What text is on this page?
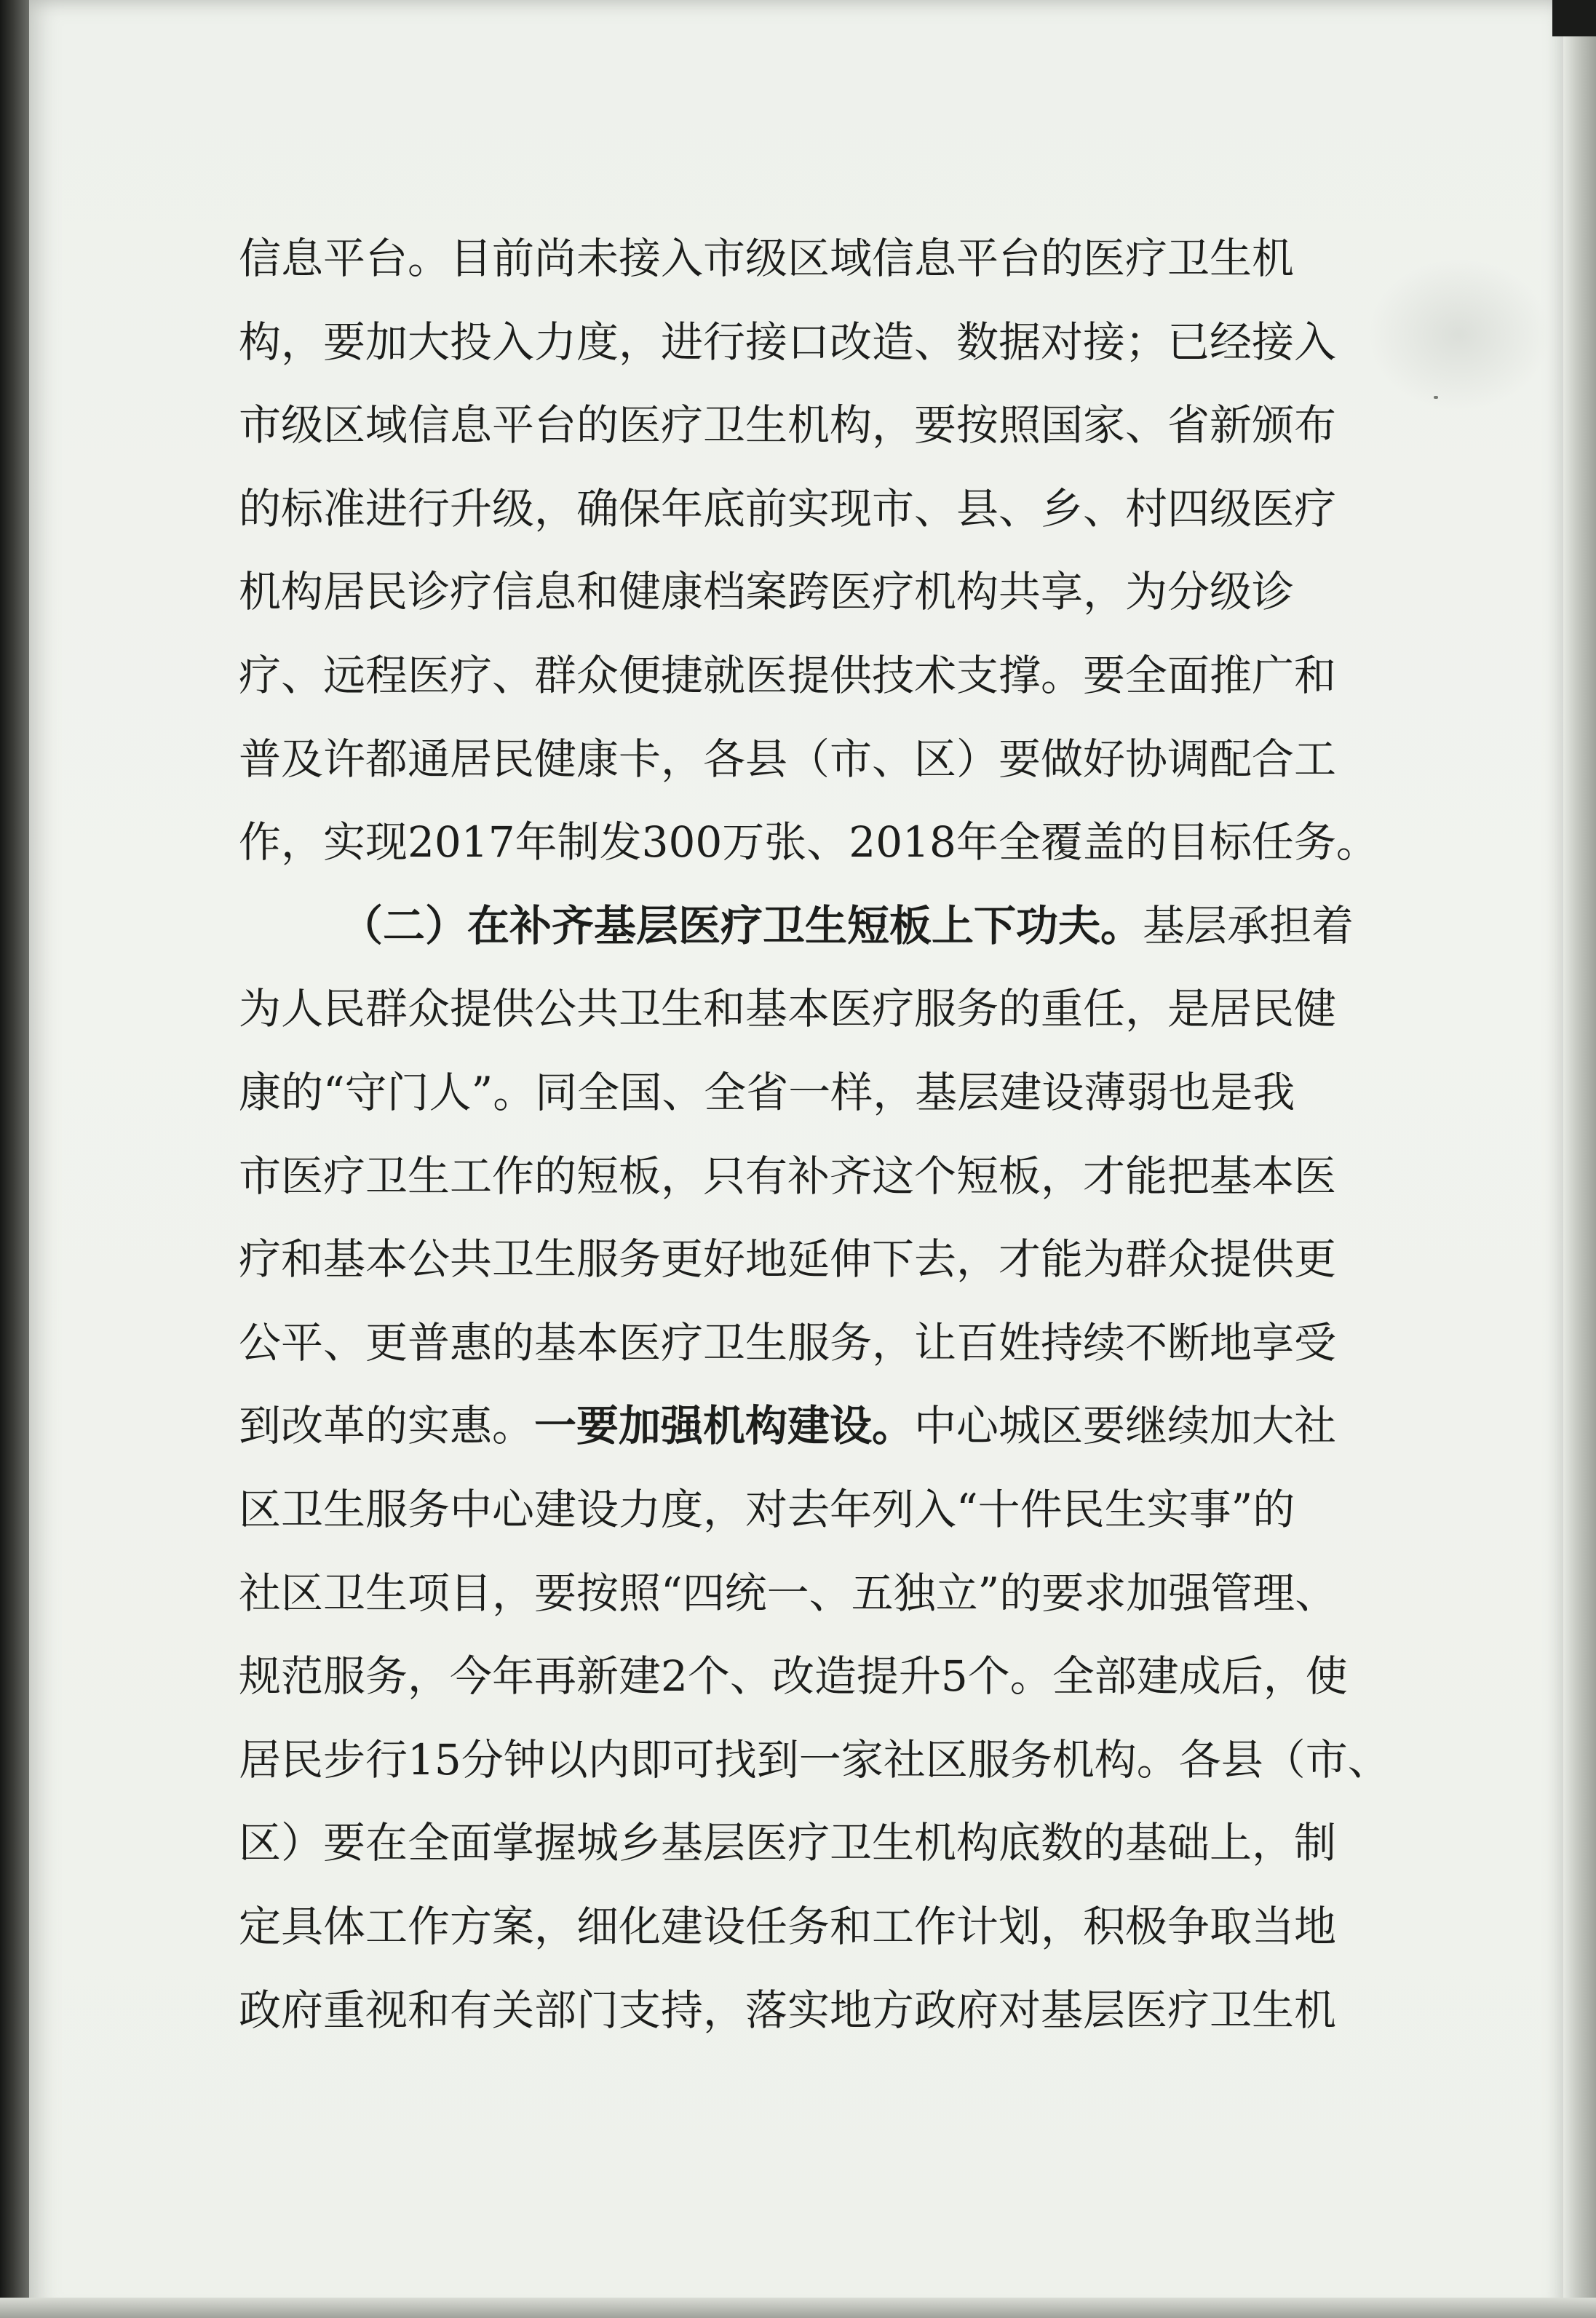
信息平台。目前尚未接入市级区域信息平台的医疗卫生机
构，要加大投入力度，进行接口改造、数据对接；已经接入
市级区域信息平台的医疗卫生机构，要按照国家、省新颁布
的标准进行升级，确保年底前实现市、县、乡、村四级医疗
机构居民诊疗信息和健康档案跨医疗机构共享，为分级诊
疗、远程医疗、群众便捷就医提供技术支撑。要全面推广和
普及许都通居民健康卡，各县（市、区）要做好协调配合工
作，实现2017年制发300万张、2018年全覆盖的目标任务。
（二）在补齐基层医疗卫生短板上下功夫。基层承担着
为人民群众提供公共卫生和基本医疗服务的重任，是居民健
康的“守门人”。同全国、全省一样，基层建设薄弱也是我
市医疗卫生工作的短板，只有补齐这个短板，才能把基本医
疗和基本公共卫生服务更好地延伸下去，才能为群众提供更
公平、更普惠的基本医疗卫生服务，让百姓持续不断地享受
到改革的实惠。一要加强机构建设。中心城区要继续加大社
区卫生服务中心建设力度，对去年列入“十件民生实事”的
社区卫生项目，要按照“四统一、五独立”的要求加强管理、
规范服务，今年再新建2个、改造提升5个。全部建成后，使
居民步行15分钟以内即可找到一家社区服务机构。各县（市、
区）要在全面掌握城乡基层医疗卫生机构底数的基础上，制
定具体工作方案，细化建设任务和工作计划，积极争取当地
政府重视和有关部门支持，落实地方政府对基层医疗卫生机
